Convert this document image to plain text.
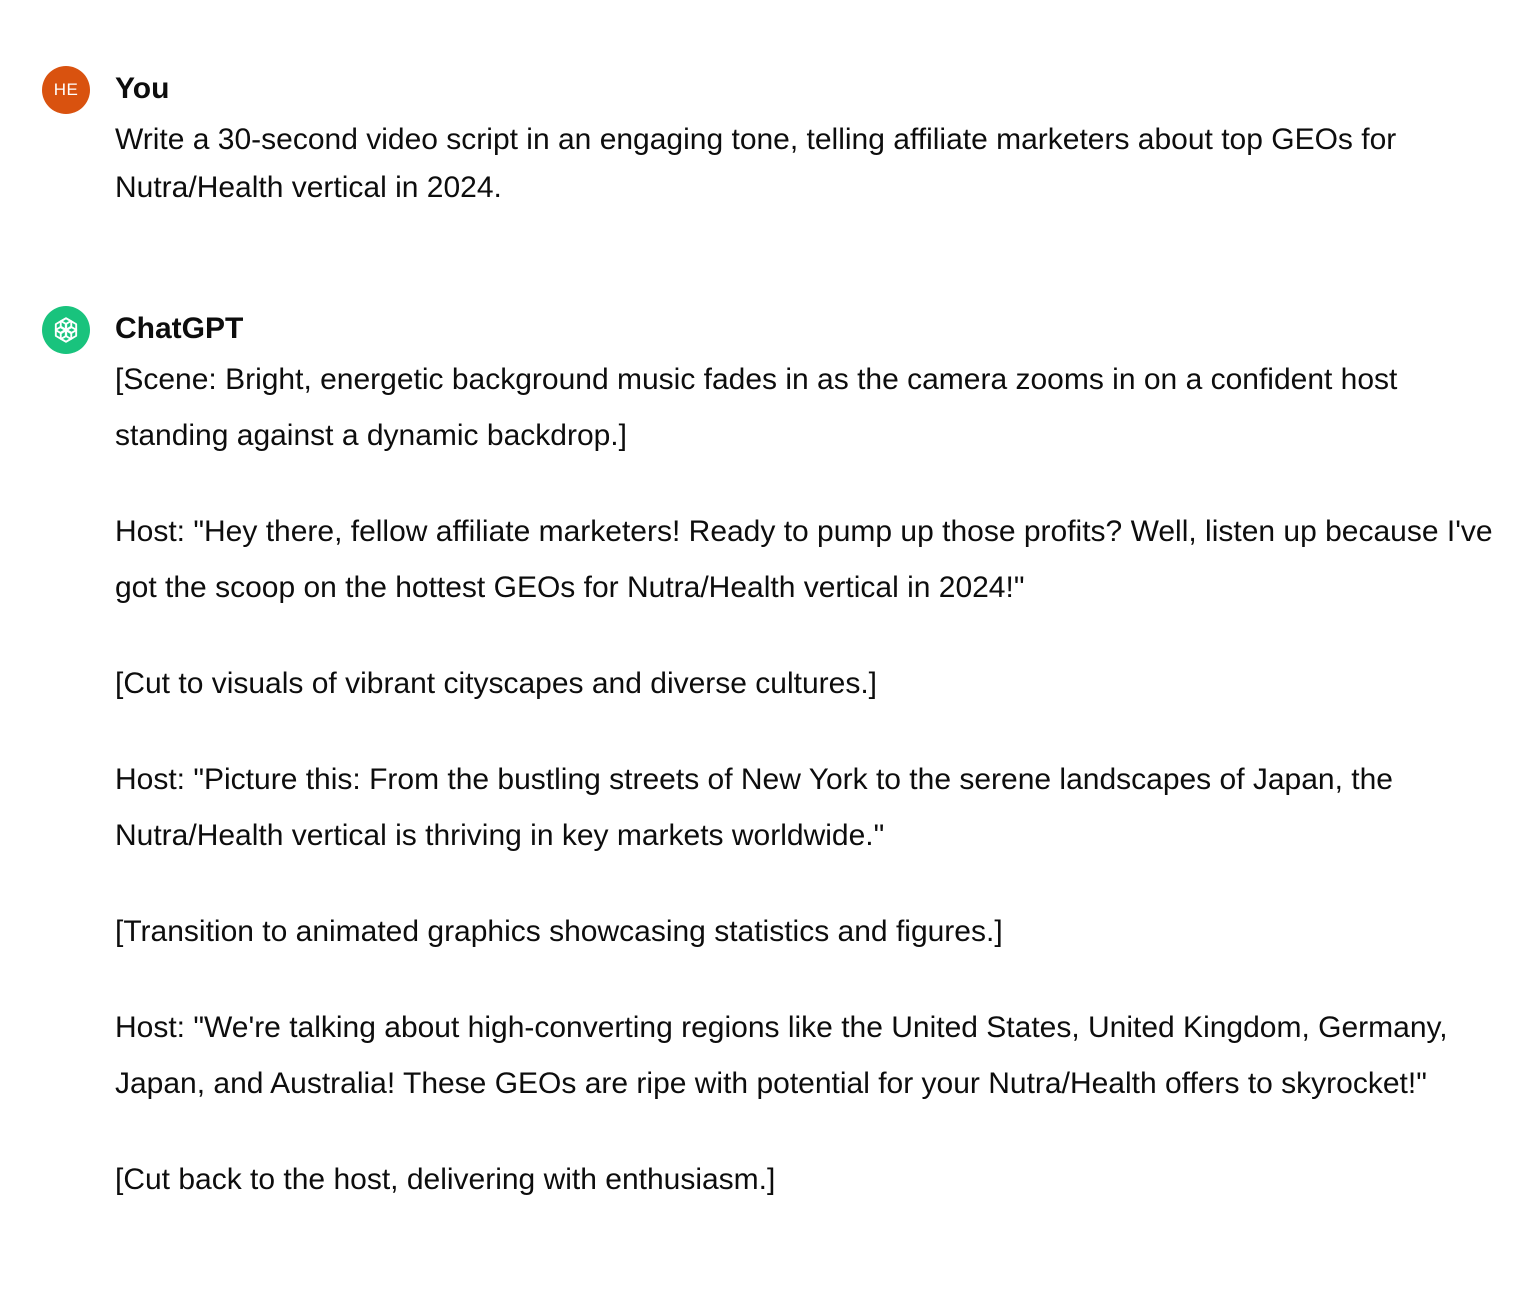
HE You

Write a 30-second video script in an engaging tone, telling affiliate marketers about top GEOs for Nutra/Health vertical in 2024.

ChatGPT

[Scene: Bright, energetic background music fades in as the camera zooms in on a confident host standing against a dynamic backdrop.]

Host: "Hey there, fellow affiliate marketers! Ready to pump up those profits? Well, listen up because I've got the scoop on the hottest GEOs for Nutra/Health vertical in 2024!"

[Cut to visuals of vibrant cityscapes and diverse cultures.]

Host: "Picture this: From the bustling streets of New York to the serene landscapes of Japan, the Nutra/Health vertical is thriving in key markets worldwide."

[Transition to animated graphics showcasing statistics and figures.]

Host: "We're talking about high-converting regions like the United States, United Kingdom, Germany, Japan, and Australia! These GEOs are ripe with potential for your Nutra/Health offers to skyrocket!"

[Cut back to the host, delivering with enthusiasm.]
